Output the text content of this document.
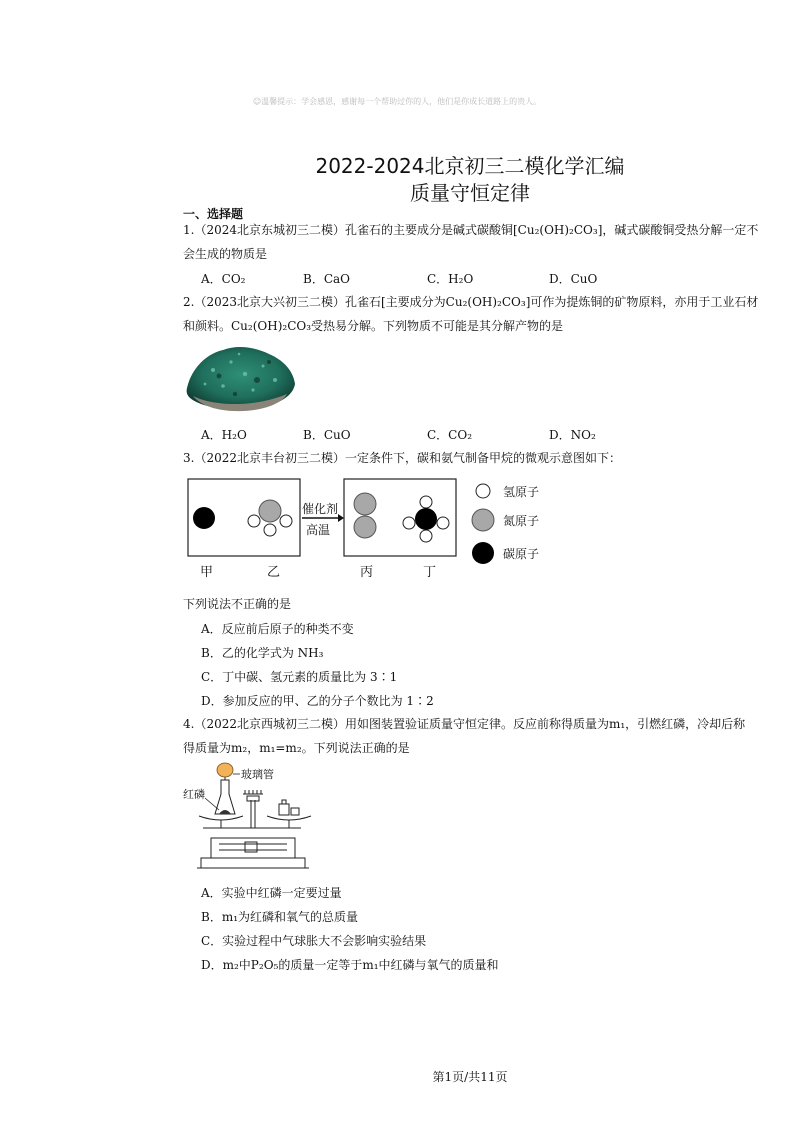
☺溫馨提示：学会感恩，感谢每一个帮助过你的人，他们是你成长道路上的贵人。
2022-2024北京初三二模化学汇编
质量守恒定律
一、选择题
1.（2024北京东城初三二模）孔雀石的主要成分是碱式碳酸铜[Cu₂(OH)₂CO₃]，碱式碳酸铜受热分解一定不
会生成的物质是
A．CO₂	B．CaO	C．H₂O	D．CuO
2.（2023北京大兴初三二模）孔雀石[主要成分为Cu₂(OH)₂CO₃]可作为提炼铜的矿物原料，亦用于工业石材
和颜料。Cu₂(OH)₂CO₃受热易分解。下列物质不可能是其分解产物的是
A．H₂O	B．CuO	C．CO₂	D．NO₂
3.（2022北京丰台初三二模）一定条件下，碳和氨气制备甲烷的微观示意图如下：
催化剂
高温
甲	乙	丙	丁
氢原子
氮原子
碳原子
下列说法不正确的是
A．反应前后原子的种类不变
B．乙的化学式为 NH₃
C．丁中碳、氢元素的质量比为 3∶1
D．参加反应的甲、乙的分子个数比为 1∶2
4.（2022北京西城初三二模）用如图装置验证质量守恒定律。反应前称得质量为m₁，引燃红磷，冷却后称
得质量为m₂，m₁=m₂。下列说法正确的是
玻璃管
红磷
A．实验中红磷一定要过量
B．m₁为红磷和氧气的总质量
C．实验过程中气球胀大不会影响实验结果
D．m₂中P₂O₅的质量一定等于m₁中红磷与氧气的质量和
第1页/共11页
